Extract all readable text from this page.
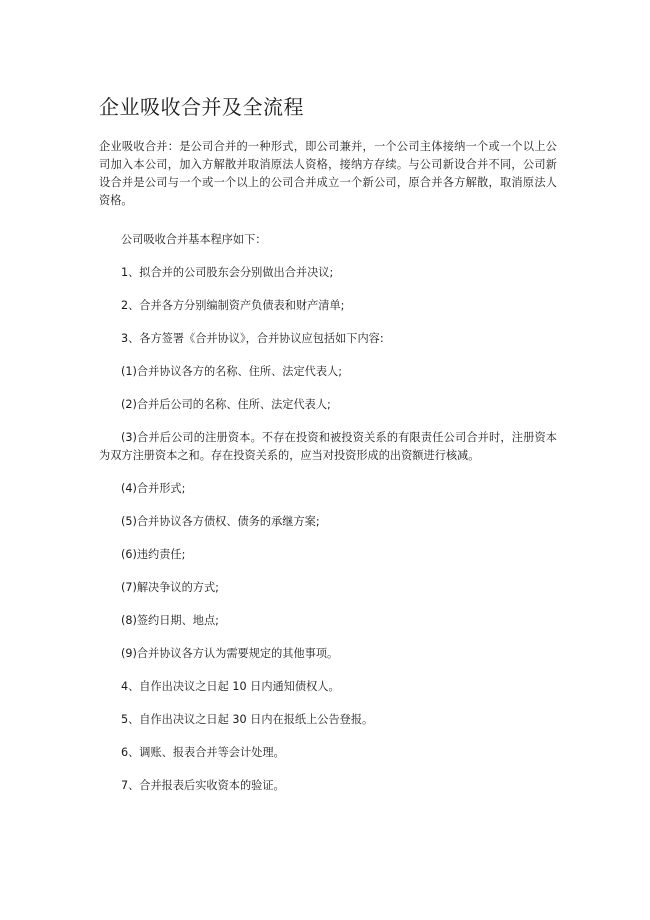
企业吸收合并及全流程

企业吸收合并：是公司合并的一种形式，即公司兼并，一个公司主体接纳一个或一个以上公司加入本公司，加入方解散并取消原法人资格，接纳方存续。与公司新设合并不同，公司新设合并是公司与一个或一个以上的公司合并成立一个新公司，原合并各方解散，取消原法人资格。

公司吸收合并基本程序如下：

1、拟合并的公司股东会分别做出合并决议;

2、合并各方分别编制资产负债表和财产清单;

3、各方签署《合并协议》，合并协议应包括如下内容:

(1)合并协议各方的名称、住所、法定代表人;

(2)合并后公司的名称、住所、法定代表人;

(3)合并后公司的注册资本。不存在投资和被投资关系的有限责任公司合并时，注册资本为双方注册资本之和。存在投资关系的，应当对投资形成的出资额进行核减。

(4)合并形式;

(5)合并协议各方债权、债务的承继方案;

(6)违约责任;

(7)解决争议的方式;

(8)签约日期、地点;

(9)合并协议各方认为需要规定的其他事项。

4、自作出决议之日起 10 日内通知债权人。

5、自作出决议之日起 30 日内在报纸上公告登报。

6、调账、报表合并等会计处理。

7、合并报表后实收资本的验证。
